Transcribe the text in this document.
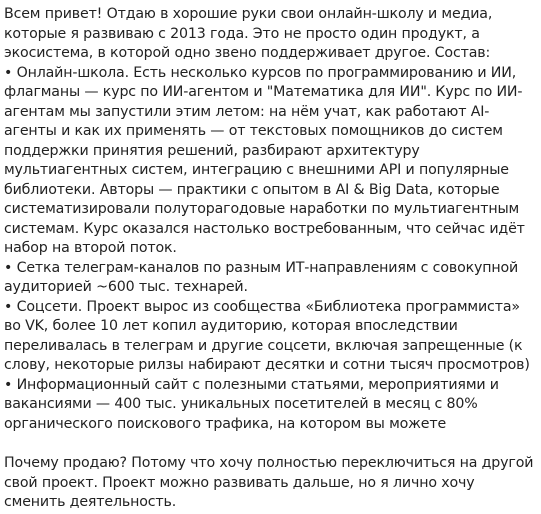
Всем привет! Отдаю в хорошие руки свои онлайн-школу и медиа, которые я развиваю с 2013 года. Это не просто один продукт, а экосистема, в которой одно звено поддерживает другое. Состав:

• Онлайн-школа. Есть несколько курсов по программированию и ИИ, флагманы — курс по ИИ-агентом и "Математика для ИИ". Курс по ИИ-агентам мы запустили этим летом: на нём учат, как работают AI-агенты и как их применять — от текстовых помощников до систем поддержки принятия решений, разбирают архитектуру мультиагентных систем, интеграцию с внешними API и популярные библиотеки. Авторы — практики с опытом в AI & Big Data, которые систематизировали полуторагодовые наработки по мультиагентным системам. Курс оказался настолько востребованным, что сейчас идёт набор на второй поток.

• Сетка телеграм-каналов по разным ИТ-направлениям с совокупной аудиторией ~600 тыс. технарей.

• Соцсети. Проект вырос из сообщества «Библиотека программиста» во VK, более 10 лет копил аудиторию, которая впоследствии переливалась в телеграм и другие соцсети, включая запрещенные (к слову, некоторые рилзы набирают десятки и сотни тысяч просмотров)

• Информационный сайт с полезными статьями, мероприятиями и вакансиями — 400 тыс. уникальных посетителей в месяц с 80% органического поискового трафика, на котором вы можете

Почему продаю? Потому что хочу полностью переключиться на другой свой проект. Проект можно развивать дальше, но я лично хочу сменить деятельность.
